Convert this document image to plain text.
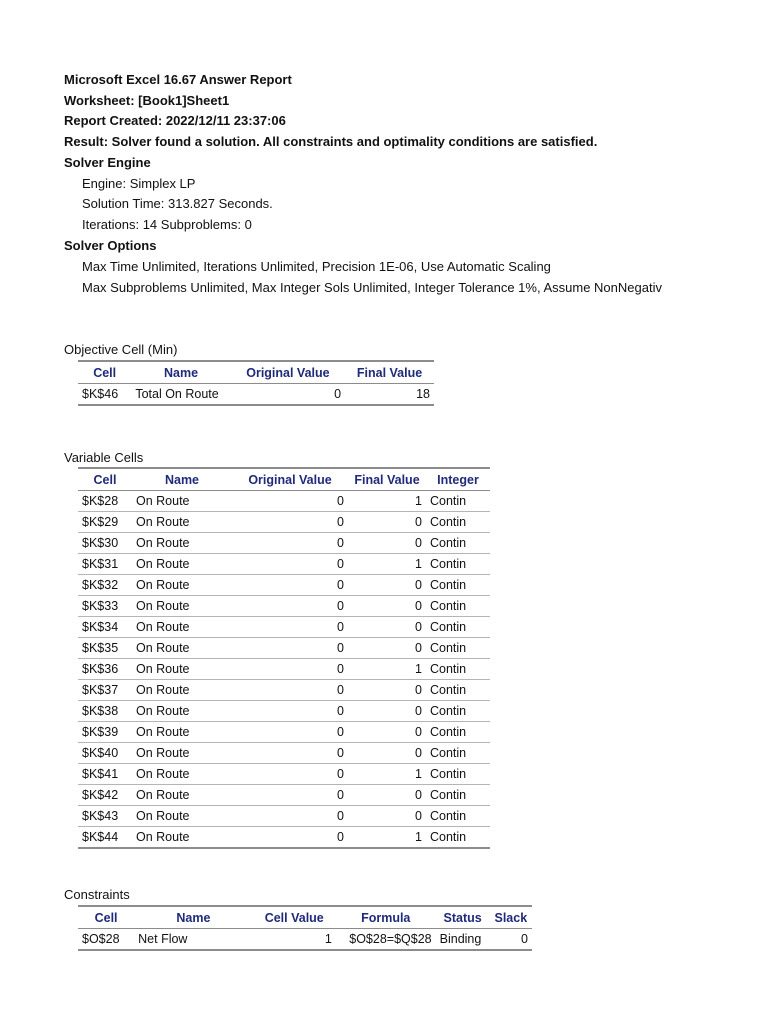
Microsoft Excel 16.67 Answer Report
Worksheet: [Book1]Sheet1
Report Created: 2022/12/11 23:37:06
Result: Solver found a solution. All constraints and optimality conditions are satisfied.
Solver Engine
Engine: Simplex LP
Solution Time: 313.827 Seconds.
Iterations: 14 Subproblems: 0
Solver Options
Max Time Unlimited, Iterations Unlimited, Precision 1E-06, Use Automatic Scaling
Max Subproblems Unlimited, Max Integer Sols Unlimited, Integer Tolerance 1%, Assume NonNegativ
Objective Cell (Min)
Cell	Name	Original Value	Final Value
$K$46	Total On Route	0	18
Variable Cells
Cell	Name	Original Value	Final Value	Integer
$K$28	On Route	0	1	Contin
$K$29	On Route	0	0	Contin
$K$30	On Route	0	0	Contin
$K$31	On Route	0	1	Contin
$K$32	On Route	0	0	Contin
$K$33	On Route	0	0	Contin
$K$34	On Route	0	0	Contin
$K$35	On Route	0	0	Contin
$K$36	On Route	0	1	Contin
$K$37	On Route	0	0	Contin
$K$38	On Route	0	0	Contin
$K$39	On Route	0	0	Contin
$K$40	On Route	0	0	Contin
$K$41	On Route	0	1	Contin
$K$42	On Route	0	0	Contin
$K$43	On Route	0	0	Contin
$K$44	On Route	0	1	Contin
Constraints
Cell	Name	Cell Value	Formula	Status	Slack
$O$28	Net Flow	1	$O$28=$Q$28	Binding	0
